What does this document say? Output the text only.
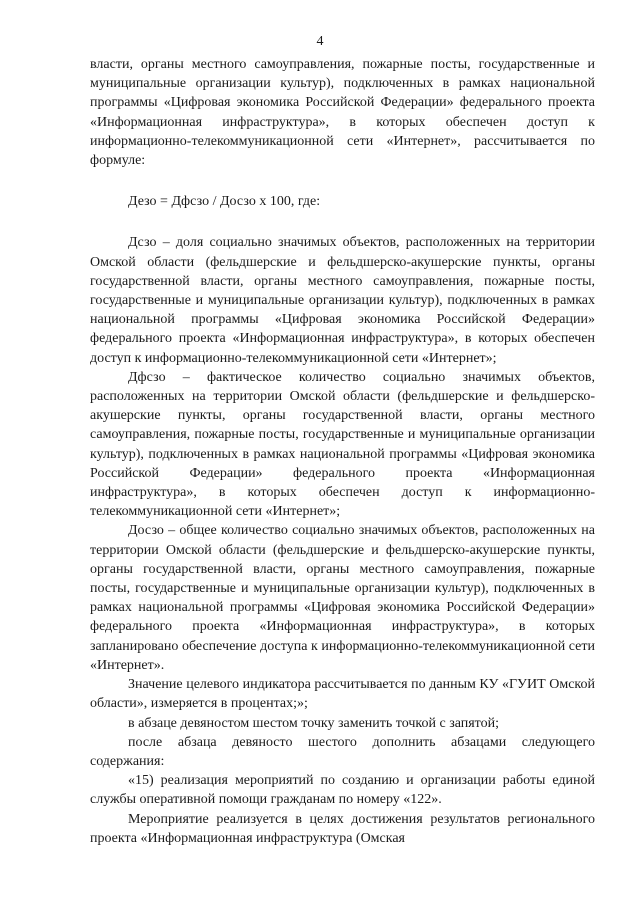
4

власти, органы местного самоуправления, пожарные посты, государственные и муниципальные организации культур), подключенных в рамках национальной программы «Цифровая экономика Российской Федерации» федерального проекта «Информационная инфраструктура», в которых обеспечен доступ к информационно-телекоммуникационной сети «Интернет», рассчитывается по формуле:

Дезо = Дфсзо / Досзо х 100, где:

Дсзо – доля социально значимых объектов, расположенных на территории Омской области (фельдшерские и фельдшерско-акушерские пункты, органы государственной власти, органы местного самоуправления, пожарные посты, государственные и муниципальные организации культур), подключенных в рамках национальной программы «Цифровая экономика Российской Федерации» федерального проекта «Информационная инфраструктура», в которых обеспечен доступ к информационно-телекоммуникационной сети «Интернет»;

Дфсзо – фактическое количество социально значимых объектов, расположенных на территории Омской области (фельдшерские и фельдшерско-акушерские пункты, органы государственной власти, органы местного самоуправления, пожарные посты, государственные и муниципальные организации культур), подключенных в рамках национальной программы «Цифровая экономика Российской Федерации» федерального проекта «Информационная инфраструктура», в которых обеспечен доступ к информационно-телекоммуникационной сети «Интернет»;

Досзо – общее количество социально значимых объектов, расположенных на территории Омской области (фельдшерские и фельдшерско-акушерские пункты, органы государственной власти, органы местного самоуправления, пожарные посты, государственные и муниципальные организации культур), подключенных в рамках национальной программы «Цифровая экономика Российской Федерации» федерального проекта «Информационная инфраструктура», в которых запланировано обеспечение доступа к информационно-телекоммуникационной сети «Интернет».

Значение целевого индикатора рассчитывается по данным КУ «ГУИТ Омской области», измеряется в процентах;»;

в абзаце девяностом шестом точку заменить точкой с запятой;

после абзаца девяносто шестого дополнить абзацами следующего содержания:

«15) реализация мероприятий по созданию и организации работы единой службы оперативной помощи гражданам по номеру «122».

Мероприятие реализуется в целях достижения результатов регионального проекта «Информационная инфраструктура (Омская
